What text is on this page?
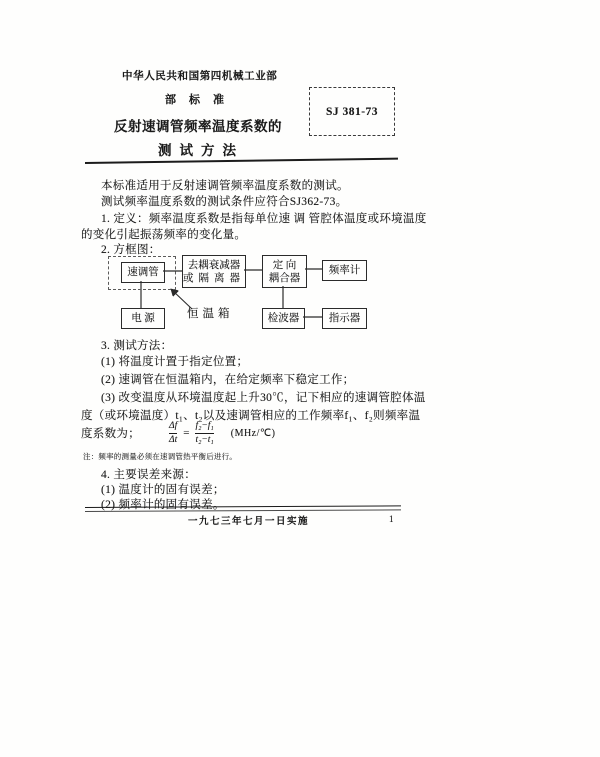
中华人民共和国第四机械工业部
部标准
SJ 381-73
反射速调管频率温度系数的
测试方法
本标准适用于反射速调管频率温度系数的测试。
测试频率温度系数的测试条件应符合SJ362-73。
1. 定义：频率温度系数是指每单位速 调 管腔体温度或环境温度
的变化引起振荡频率的变化量。
2. 方框图：
速调管
去耦衰减器
或隔离器
定 向
耦合器
频率计
电 源	恒温箱	检波器	指示器
3. 测试方法：
(1) 将温度计置于指定位置；
(2) 速调管在恒温箱内，在给定频率下稳定工作；
(3) 改变温度从环境温度起上升30℃，记下相应的速调管腔体温
度（或环境温度）t₁、t₂以及速调管相应的工作频率f₁、f₂则频率温
度系数为；	$\frac{\Delta f}{\Delta t} = \frac{\text{f₂−f₁}}{\text{t₂−t₁}}$ (MHz/℃)
注：频率的测量必须在速调管热平衡后进行。
4. 主要误差来源：
(1) 温度计的固有误差；
(2) 频率计的固有误差。
一九七三年七月一日实施	1
